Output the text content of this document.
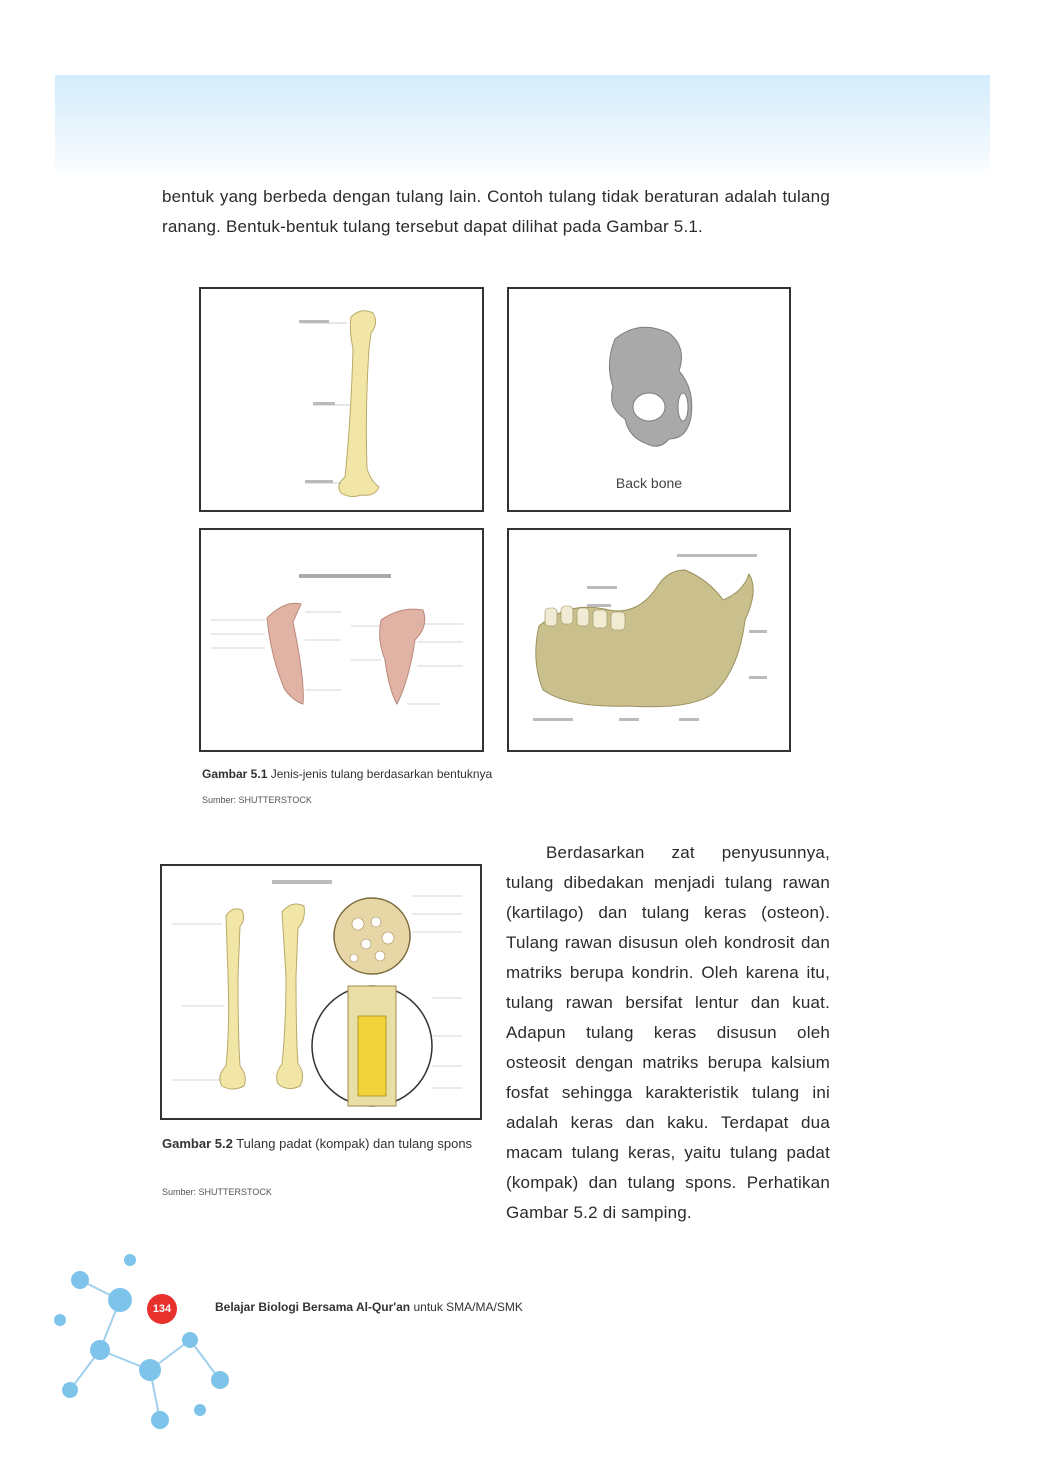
bentuk yang berbeda dengan tulang lain. Contoh tulang tidak beraturan adalah tulang ranang. Bentuk-bentuk tulang tersebut dapat dilihat pada Gambar 5.1.

Back bone
Gambar 5.1 Jenis-jenis tulang berdasarkan bentuknya
Sumber: SHUTTERSTOCK
Gambar 5.2 Tulang padat (kompak) dan tulang spons
Sumber: SHUTTERSTOCK

Berdasarkan zat penyusunnya, tulang dibedakan menjadi tulang rawan (kartilago) dan tulang keras (osteon). Tulang rawan disusun oleh kondrosit dan matriks berupa kondrin. Oleh karena itu, tulang rawan bersifat lentur dan kuat. Adapun tulang keras disusun oleh osteosit dengan matriks berupa kalsium fosfat sehingga karakteristik tulang ini adalah keras dan kaku. Terdapat dua macam tulang keras, yaitu tulang padat (kompak) dan tulang spons. Perhatikan Gambar 5.2 di samping.

134	Belajar Biologi Bersama Al-Qur'an untuk SMA/MA/SMK
